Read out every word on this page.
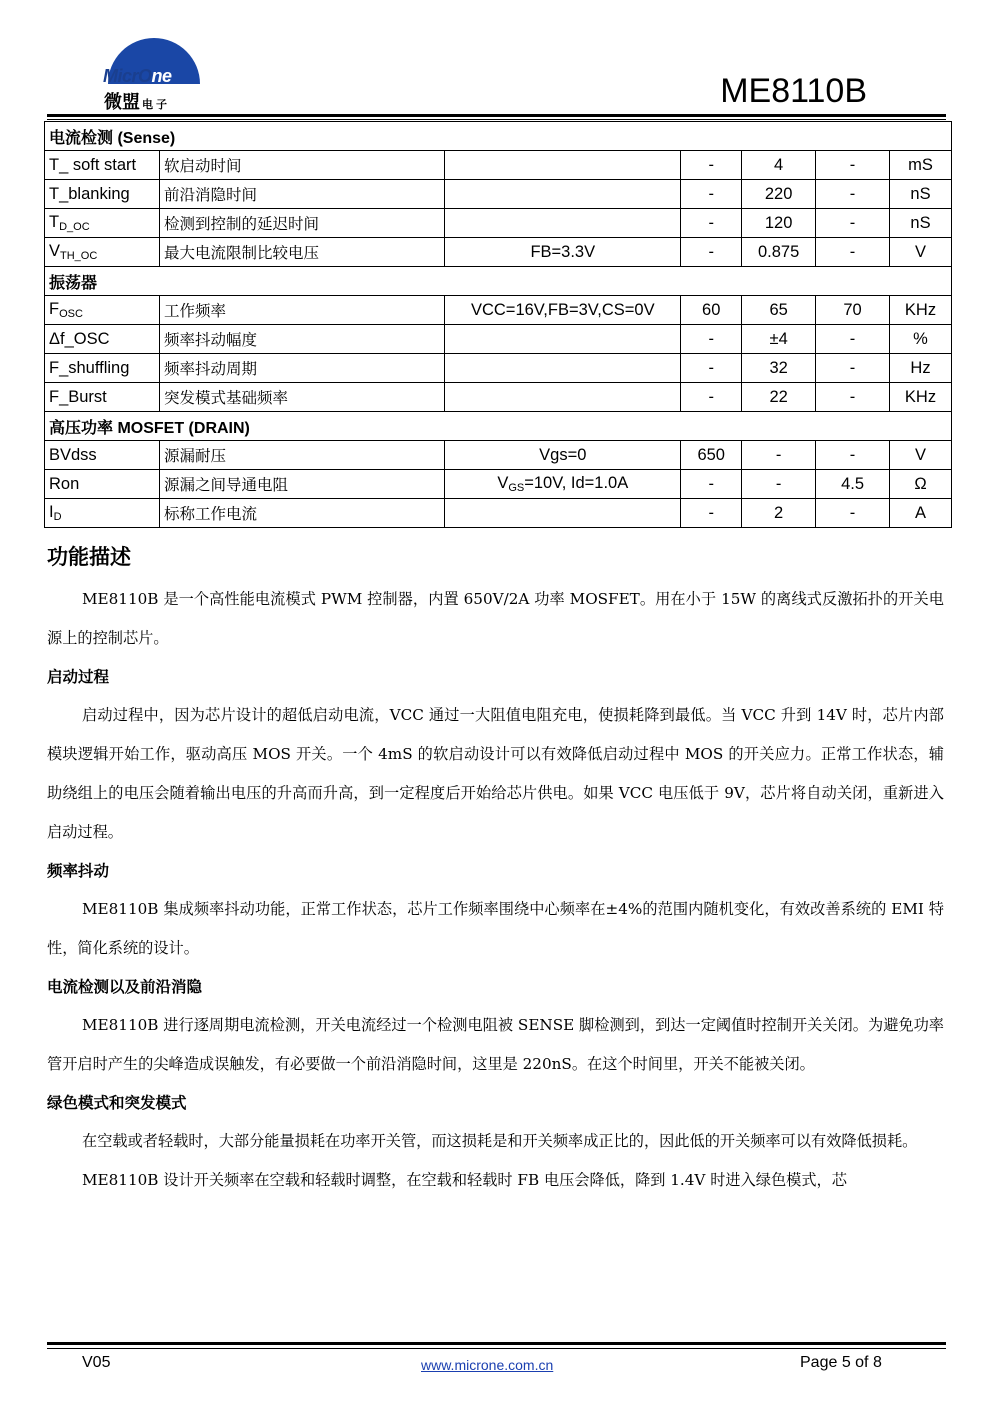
MicrOne
微盟 电子	ME8110B
电流检测 (Sense)						
T_ soft start	软启动时间		-	4	-	mS
T_blanking	前沿消隐时间		-	220	-	nS
$T_{D\_OC}$	检测到控制的延迟时间		-	120	-	nS
$V_{TH\_OC}$	最大电流限制比较电压	FB=3.3V	-	0.875	-	V
振荡器						
$F_{OSC}$	工作频率	VCC=16V,FB=3V,CS=0V	60	65	70	KHz
Δf_OSC	频率抖动幅度		-	±4	-	%
F_shuffling	频率抖动周期		-	32	-	Hz
F_Burst	突发模式基础频率		-	22	-	KHz
高压功率 MOSFET (DRAIN)						
BVdss	源漏耐压	Vgs=0	650	-	-	V
Ron	源漏之间导通电阻	$V_{GS}=10V$, Id=1.0A	-	-	4.5	Ω
$I_D$	标称工作电流		-	2	-	A
功能描述

ME8110B 是一个高性能电流模式 PWM 控制器，内置 650V/2A 功率 MOSFET。用在小于 15W 的离线式反激拓扑的开关电源上的控制芯片。

启动过程

启动过程中，因为芯片设计的超低启动电流，VCC 通过一大阻值电阻充电，使损耗降到最低。当 VCC 升到 14V 时，芯片内部模块逻辑开始工作，驱动高压 MOS 开关。一个 4mS 的软启动设计可以有效降低启动过程中 MOS 的开关应力。正常工作状态，辅助绕组上的电压会随着输出电压的升高而升高，到一定程度后开始给芯片供电。如果 VCC 电压低于 9V，芯片将自动关闭，重新进入启动过程。

频率抖动

ME8110B 集成频率抖动功能，正常工作状态，芯片工作频率围绕中心频率在±4%的范围内随机变化，有效改善系统的 EMI 特性，简化系统的设计。

电流检测以及前沿消隐

ME8110B 进行逐周期电流检测，开关电流经过一个检测电阻被 SENSE 脚检测到，到达一定阈值时控制开关关闭。为避免功率管开启时产生的尖峰造成误触发，有必要做一个前沿消隐时间，这里是 220nS。在这个时间里，开关不能被关闭。

绿色模式和突发模式

在空载或者轻载时，大部分能量损耗在功率开关管，而这损耗是和开关频率成正比的，因此低的开关频率可以有效降低损耗。

ME8110B 设计开关频率在空载和轻载时调整，在空载和轻载时 FB 电压会降低，降到 1.4V 时进入绿色模式，芯

V05	www.microne.com.cn	Page 5 of 8
